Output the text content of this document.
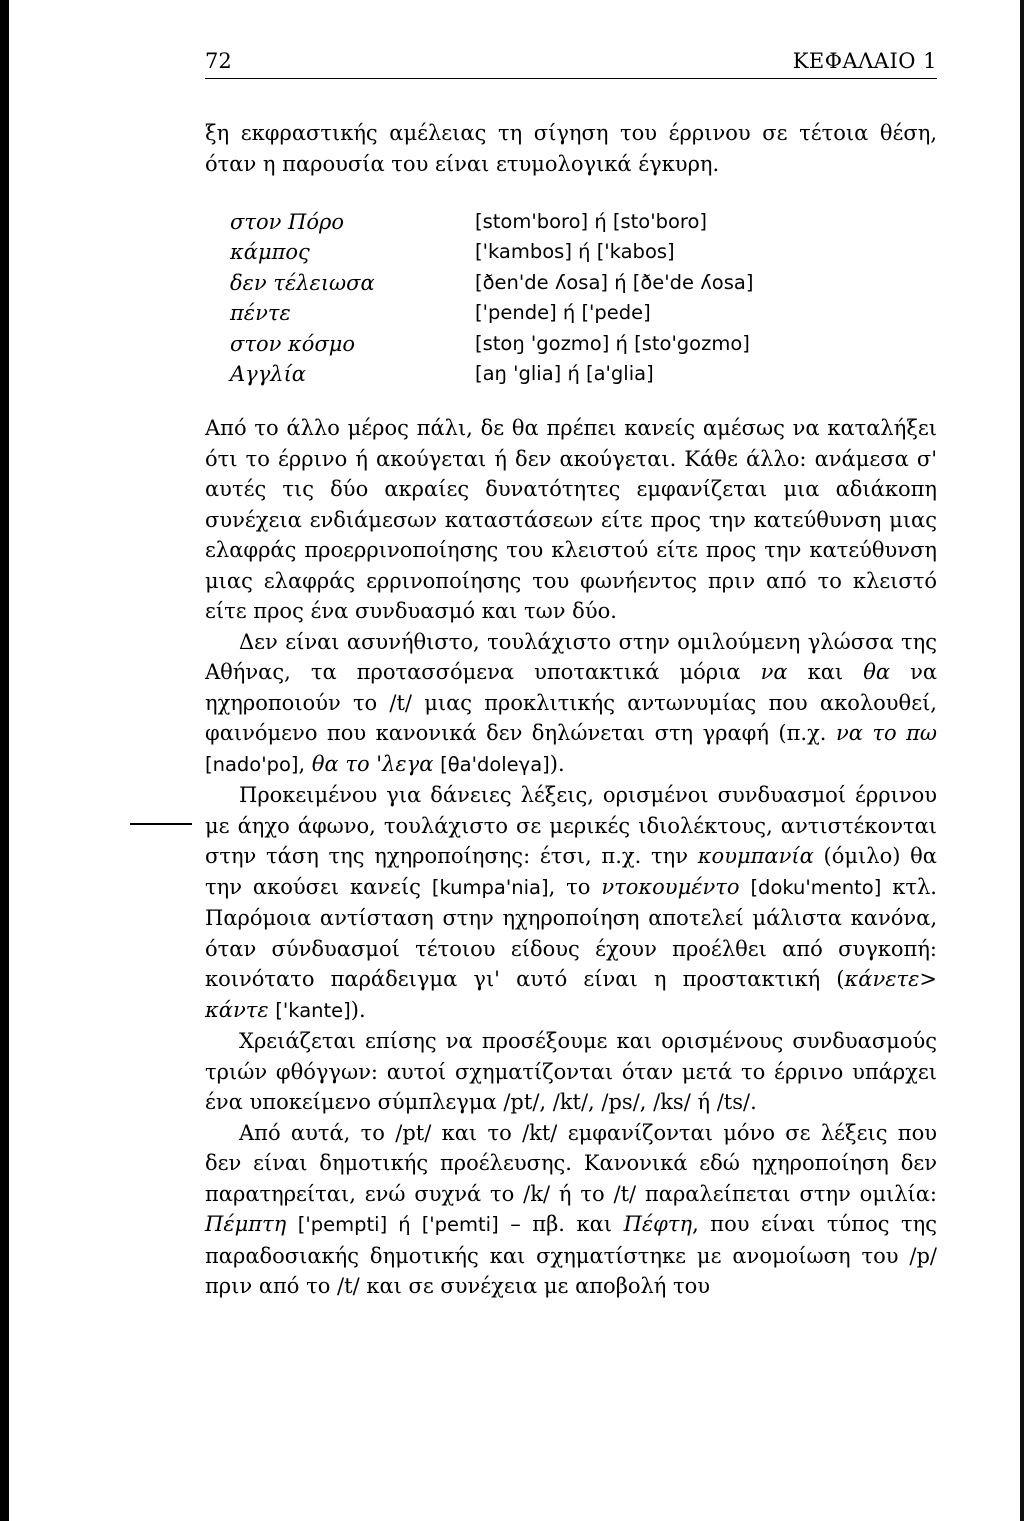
72	ΚΕΦΑΛΑΙΟ 1

ξη εκφραστικής αμέλειας τη σίγηση του έρρινου σε τέτοια θέση, όταν η παρουσία του είναι ετυμολογικά έγκυρη.

στον Πόρο	[stom'boro] ή [sto'boro]
κάμπος	['kambos] ή ['kabos]
δεν τέλειωσα	[ðen'de ʎosa] ή [ðe'de ʎosa]
πέντε	['pende] ή ['pede]
στον κόσμο	[stoŋ 'gozmo] ή [sto'gozmo]
Αγγλία	[aŋ 'glia] ή [a'glia]

Από το άλλο μέρος πάλι, δε θα πρέπει κανείς αμέσως να καταλήξει ότι το έρρινο ή ακούγεται ή δεν ακούγεται. Κάθε άλλο: ανάμεσα σ' αυτές τις δύο ακραίες δυνατότητες εμφανίζεται μια αδιάκοπη συνέχεια ενδιάμεσων καταστάσεων είτε προς την κατεύθυνση μιας ελαφράς προερρινοποίησης του κλειστού είτε προς την κατεύθυνση μιας ελαφράς ερρινοποίησης του φωνήεντος πριν από το κλειστό είτε προς ένα συνδυασμό και των δύο.

Δεν είναι ασυνήθιστο, τουλάχιστο στην ομιλούμενη γλώσσα της Αθήνας, τα προτασσόμενα υποτακτικά μόρια να και θα να ηχηροποιούν το /t/ μιας προκλιτικής αντωνυμίας που ακολουθεί, φαινόμενο που κανονικά δεν δηλώνεται στη γραφή (π.χ. να το πω [nado'po], θα το 'λεγα [θa'doleγa]).

Προκειμένου για δάνειες λέξεις, ορισμένοι συνδυασμοί έρρινου με άηχο άφωνο, τουλάχιστο σε μερικές ιδιολέκτους, αντιστέκονται στην τάση της ηχηροποίησης: έτσι, π.χ. την κουμπανία (όμιλο) θα την ακούσει κανείς [kumpa'nia], το ντοκουμέντο [doku'mento] κτλ. Παρόμοια αντίσταση στην ηχηροποίηση αποτελεί μάλιστα κανόνα, όταν σύνδυασμοί τέτοιου είδους έχουν προέλθει από συγκοπή: κοινότατο παράδειγμα γι' αυτό είναι η προστακτική (κάνετε> κάντε ['kante]).

Χρειάζεται επίσης να προσέξουμε και ορισμένους συνδυασμούς τριών φθόγγων: αυτοί σχηματίζονται όταν μετά το έρρινο υπάρχει ένα υποκείμενο σύμπλεγμα /pt/, /kt/, /ps/, /ks/ ή /ts/.

Από αυτά, το /pt/ και το /kt/ εμφανίζονται μόνο σε λέξεις που δεν είναι δημοτικής προέλευσης. Κανονικά εδώ ηχηροποίηση δεν παρατηρείται, ενώ συχνά το /k/ ή το /t/ παραλείπεται στην ομιλία: Πέμπτη ['pempti] ή ['pemti] – πβ. και Πέφτη, που είναι τύπος της παραδοσιακής δημοτικής και σχηματίστηκε με ανομοίωση του /p/ πριν από το /t/ και σε συνέχεια με αποβολή του
